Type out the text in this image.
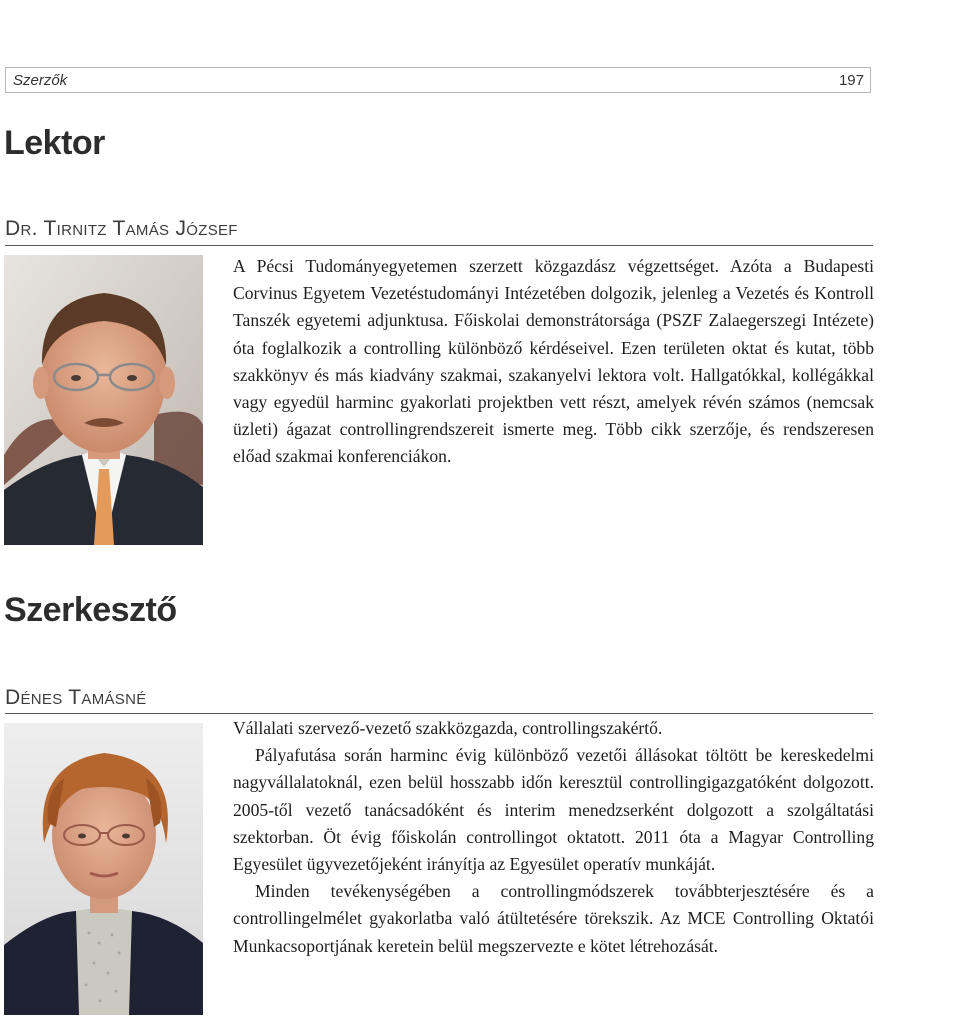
Szerzők	197
Lektor
Dr. Tirnitz Tamás József

A Pécsi Tudományegyetemen szerzett közgazdász végzettséget. Azóta a Budapesti Corvinus Egyetem Vezetéstudományi Intézetében dolgozik, jelenleg a Vezetés és Kontroll Tanszék egyetemi adjunktusa. Főiskolai demonstrátorsága (PSZF Zalaegerszegi Intézete) óta foglalkozik a controlling különböző kérdéseivel. Ezen területen oktat és kutat, több szakkönyv és más kiadvány szakmai, szakanyelvi lektora volt. Hallgatókkal, kollégákkal vagy egyedül harminc gyakorlati projektben vett részt, amelyek révén számos (nemcsak üzleti) ágazat controllingrendszereit ismerte meg. Több cikk szerzője, és rendszeresen előad szakmai konferenciákon.

Szerkesztő
Dénes Tamásné

Vállalati szervező-vezető szakközgazda, controllingszakértő.

Pályafutása során harminc évig különböző vezetői állásokat töltött be kereskedelmi nagyvállalatoknál, ezen belül hosszabb időn keresztül controllingigazgatóként dolgozott. 2005-től vezető tanácsadóként és interim menedzserként dolgozott a szolgáltatási szektorban. Öt évig főiskolán controllingot oktatott. 2011 óta a Magyar Controlling Egyesület ügyvezetőjeként irányítja az Egyesület operatív munkáját.

Minden tevékenységében a controllingmódszerek továbbterjesztésére és a controllingelmélet gyakorlatba való átültetésére törekszik. Az MCE Controlling Oktatói Munkacsoportjának keretein belül megszervezte e kötet létrehozását.
